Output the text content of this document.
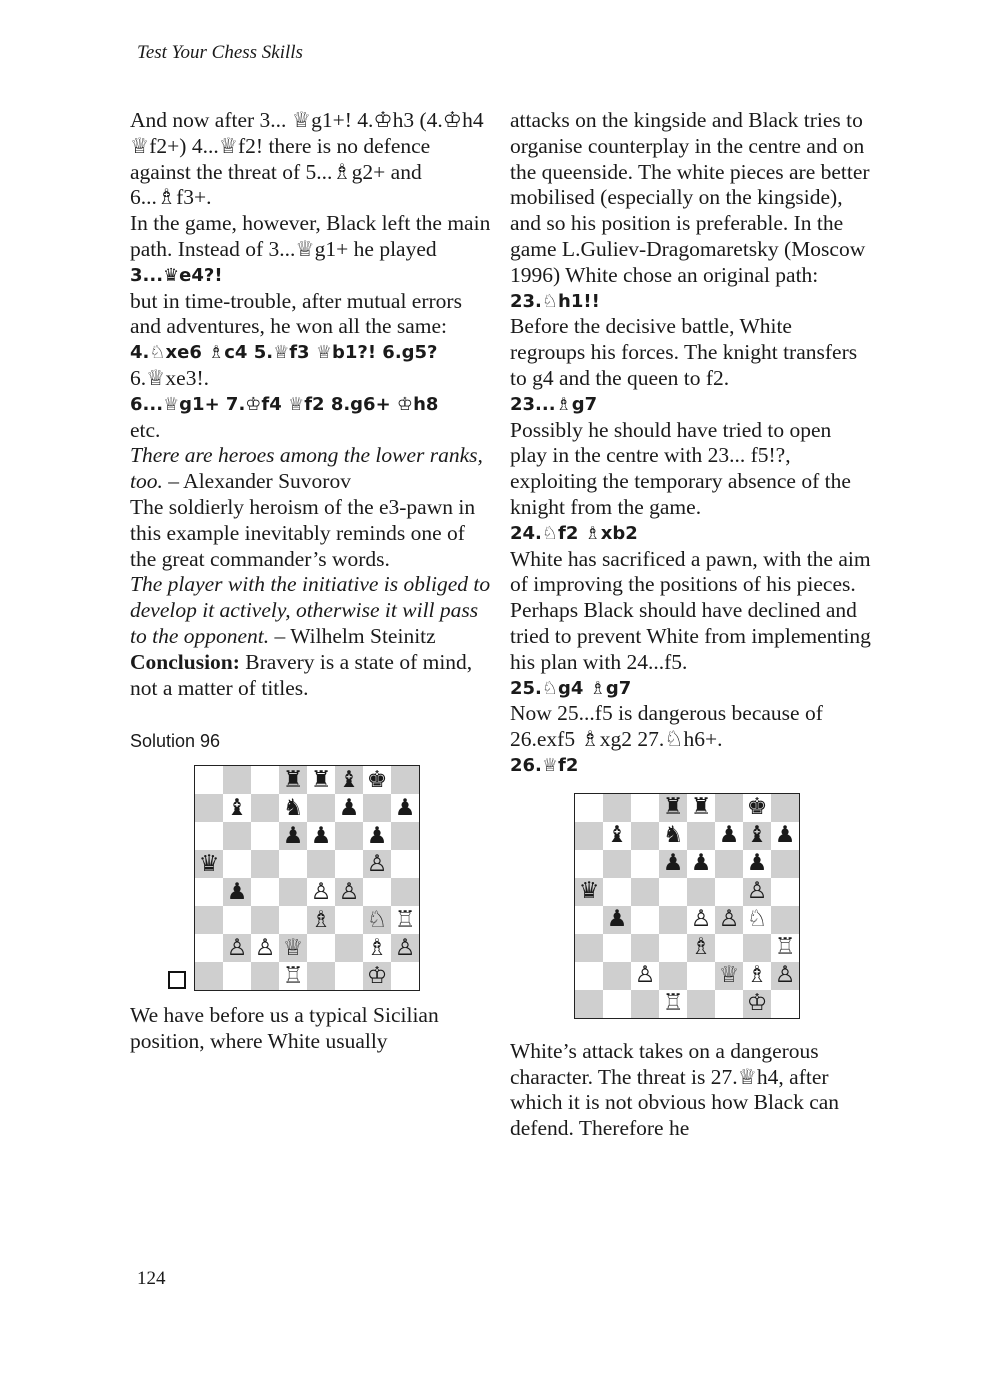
Test Your Chess Skills

And now after 3... ♕g1+! 4.♔h3 (4.♔h4 ♕f2+) 4...♕f2! there is no defence against the threat of 5...♗g2+ and 6...♗f3+.

In the game, however, Black left the main path. Instead of 3...♕g1+ he played

3...♛e4?!

but in time-trouble, after mutual errors and adventures, he won all the same:

4.♘xe6 ♗c4 5.♕f3 ♕b1?! 6.g5?

6.♕xe3!.

6...♕g1+ 7.♔f4 ♕f2 8.g6+ ♔h8

etc.

There are heroes among the lower ranks, too. – Alexander Suvorov

The soldierly heroism of the e3-pawn in this example inevitably reminds one of the great commander’s words.

The player with the initiative is obliged to develop it actively, otherwise it will pass to the opponent. – Wilhelm Steinitz

Conclusion: Bravery is a state of mind, not a matter of titles.

Solution 96
♜ ♜ ♝ ♚
♝ ♞ ♟ ♟
♟ ♟ ♟
♛	♙
♟	♙ ♙
♗ ♘ ♖
♙ ♙ ♕	♗ ♙
♖	♔

We have before us a typical Sicilian position, where White usually

attacks on the kingside and Black tries to organise counterplay in the centre and on the queenside. The white pieces are better mobilised (especially on the kingside), and so his position is preferable. In the game L.Guliev-Dragomaretsky (Moscow 1996) White chose an original path:

23.♘h1!!

Before the decisive battle, White regroups his forces. The knight transfers to g4 and the queen to f2.

23...♗g7

Possibly he should have tried to open play in the centre with 23... f5!?, exploiting the temporary absence of the knight from the game.

24.♘f2 ♗xb2

White has sacrificed a pawn, with the aim of improving the positions of his pieces. Perhaps Black should have declined and tried to prevent White from implementing his plan with 24...f5.

25.♘g4 ♗g7

Now 25...f5 is dangerous because of 26.exf5 ♗xg2 27.♘h6+.

26.♕f2

♜ ♜ ♚
♝ ♞ ♟ ♝ ♟
♟ ♟ ♟
♛	♙
♟	♙ ♙ ♘
♗	♖
♙	♕ ♗ ♙
♖	♔

White’s attack takes on a dangerous character. The threat is 27.♕h4, after which it is not obvious how Black can defend. Therefore he

124
